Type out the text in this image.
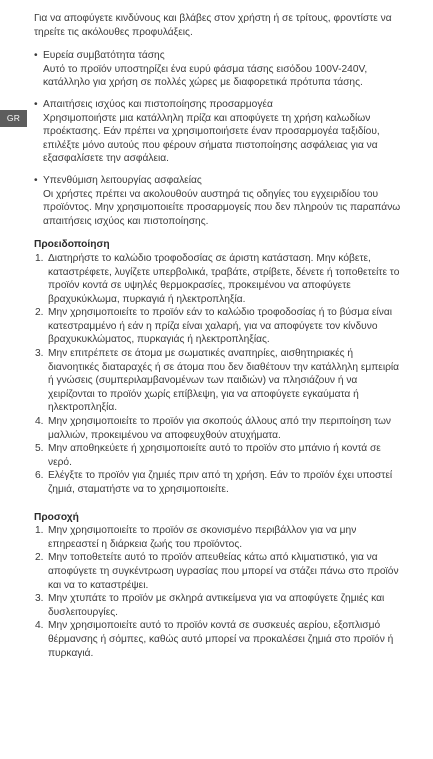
GR

Για να αποφύγετε κινδύνους και βλάβες στον χρήστη ή σε τρίτους, φροντίστε να τηρείτε τις ακόλουθες προφυλάξεις.

• Ευρεία συμβατότητα τάσης
Αυτό το προϊόν υποστηρίζει ένα ευρύ φάσμα τάσης εισόδου 100V-240V, κατάλληλο για χρήση σε πολλές χώρες με διαφορετικά πρότυπα τάσης.
• Απαιτήσεις ισχύος και πιστοποίησης προσαρμογέα
Χρησιμοποιήστε μια κατάλληλη πρίζα και αποφύγετε τη χρήση καλωδίων προέκτασης. Εάν πρέπει να χρησιμοποιήσετε έναν προσαρμογέα ταξιδίου, επιλέξτε μόνο αυτούς που φέρουν σήματα πιστοποίησης ασφάλειας για να εξασφαλίσετε την ασφάλεια.
• Υπενθύμιση λειτουργίας ασφαλείας
Οι χρήστες πρέπει να ακολουθούν αυστηρά τις οδηγίες του εγχειριδίου του προϊόντος. Μην χρησιμοποιείτε προσαρμογείς που δεν πληρούν τις παραπάνω απαιτήσεις ισχύος και πιστοποίησης.
Προειδοποίηση
1. Διατηρήστε το καλώδιο τροφοδοσίας σε άριστη κατάσταση. Μην κόβετε, καταστρέφετε, λυγίζετε υπερβολικά, τραβάτε, στρίβετε, δένετε ή τοποθετείτε το προϊόν κοντά σε υψηλές θερμοκρασίες, προκειμένου να αποφύγετε βραχυκύκλωμα, πυρκαγιά ή ηλεκτροπληξία.
2. Μην χρησιμοποιείτε το προϊόν εάν το καλώδιο τροφοδοσίας ή το βύσμα είναι κατεστραμμένο ή εάν η πρίζα είναι χαλαρή, για να αποφύγετε τον κίνδυνο βραχυκυκλώματος, πυρκαγιάς ή ηλεκτροπληξίας.
3. Μην επιτρέπετε σε άτομα με σωματικές αναπηρίες, αισθητηριακές ή διανοητικές διαταραχές ή σε άτομα που δεν διαθέτουν την κατάλληλη εμπειρία ή γνώσεις (συμπεριλαμβανομένων των παιδιών) να πλησιάζουν ή να χειρίζονται το προϊόν χωρίς επίβλεψη, για να αποφύγετε εγκαύματα ή ηλεκτροπληξία.
4. Μην χρησιμοποιείτε το προϊόν για σκοπούς άλλους από την περιποίηση των μαλλιών, προκειμένου να αποφευχθούν ατυχήματα.
5. Μην αποθηκεύετε ή χρησιμοποιείτε αυτό το προϊόν στο μπάνιο ή κοντά σε νερό.
6. Ελέγξτε το προϊόν για ζημιές πριν από τη χρήση. Εάν το προϊόν έχει υποστεί ζημιά, σταματήστε να το χρησιμοποιείτε.
Προσοχή
1. Μην χρησιμοποιείτε το προϊόν σε σκονισμένο περιβάλλον για να μην επηρεαστεί η διάρκεια ζωής του προϊόντος.
2. Μην τοποθετείτε αυτό το προϊόν απευθείας κάτω από κλιματιστικό, για να αποφύγετε τη συγκέντρωση υγρασίας που μπορεί να στάζει πάνω στο προϊόν και να το καταστρέψει.
3. Μην χτυπάτε το προϊόν με σκληρά αντικείμενα για να αποφύγετε ζημιές και δυσλειτουργίες.
4. Μην χρησιμοποιείτε αυτό το προϊόν κοντά σε συσκευές αερίου, εξοπλισμό θέρμανσης ή σόμπες, καθώς αυτό μπορεί να προκαλέσει ζημιά στο προϊόν ή πυρκαγιά.
